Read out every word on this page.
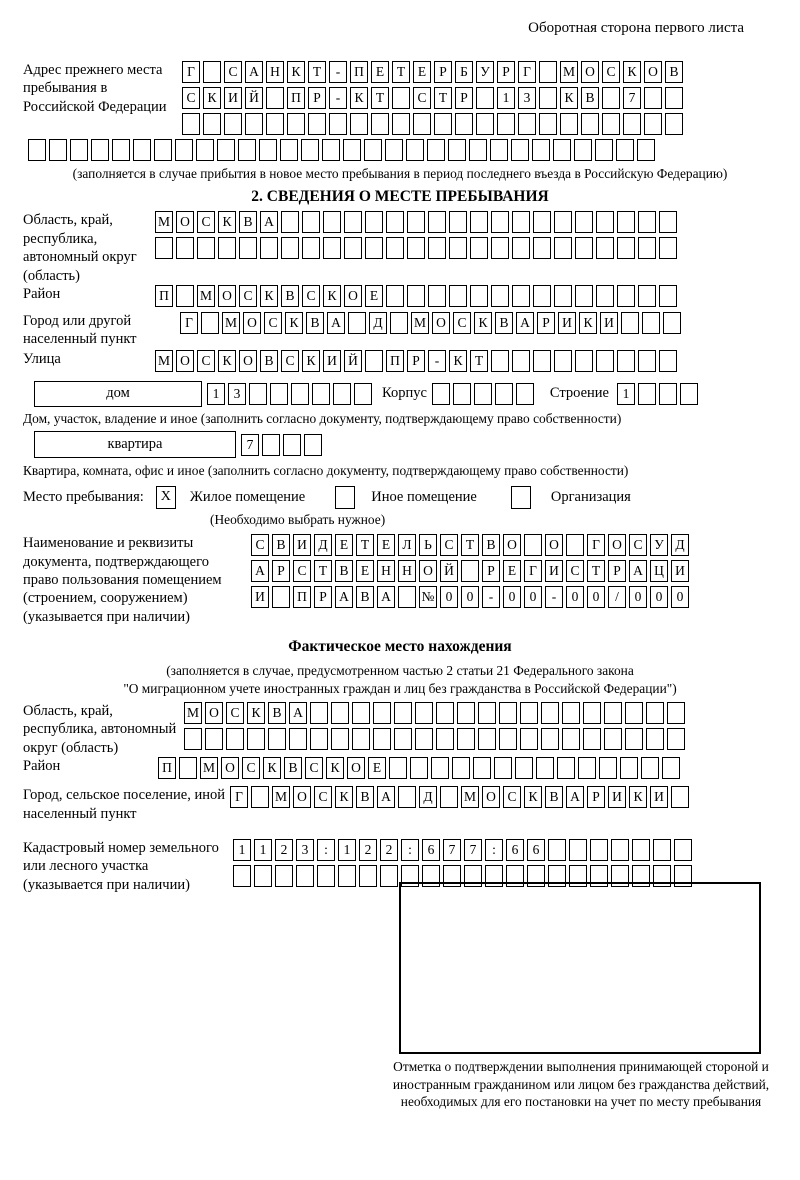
Оборотная сторона первого листа
Адрес прежнего места пребывания в Российской Федерации
Г	С А Н К Т	-	П Е Т Е Р Б У Р Г	М О С К О В
С К И Й	П Р	-	К Т	С Т Р	1	3	К В	7
(заполняется в случае прибытия в новое место пребывания в период последнего въезда в Российскую Федерацию)
2. СВЕДЕНИЯ О МЕСТЕ ПРЕБЫВАНИЯ
Область, край, республика, автономный округ (область)
М О С К В А
Район	П	М О С К В С К О Е
Город или другой населенный пункт
Г	М О С К В А	Д	М О С К В А Р И К И
Улица	М О С К О В С К И Й	П Р	-	К Т
дом	1	3	Корпус	Строение	1
Дом, участок, владение и иное (заполнить согласно документу, подтверждающему право собственности)
квартира	7
Квартира, комната, офис и иное (заполнить согласно документу, подтверждающему право собственности)
Место пребывания:	X	Жилое помещение	Иное помещение	Организация
(Необходимо выбрать нужное)
Наименование и реквизиты документа, подтверждающего право пользования помещением (строением, сооружением) (указывается при наличии)
С В И Д Е Т Е Л Ь С Т В О	О	Г О С У Д
А Р С Т В Е Н Н О Й	Р Е Г И С Т Р А Ц И
И	П Р А В А	№ 0	0	-	0	0	-	0	0	/	0	0	0
Фактическое место нахождения
(заполняется в случае, предусмотренном частью 2 статьи 21 Федерального закона
"О миграционном учете иностранных граждан и лиц без гражданства в Российской Федерации")
Область, край, республика, автономный округ (область)
М О С К В А
Район	П	М О С К В С К О Е
Город, сельское поселение, иной населенный пункт
Г	М О С К В А	Д	М О С К В А Р И К И
Кадастровый номер земельного или лесного участка (указывается при наличии)
1	1	2	3	:	1	2	2	:	6	7	7	:	6	6
Отметка о подтверждении выполнения принимающей стороной и иностранным гражданином или лицом без гражданства действий, необходимых для его постановки на учет по месту пребывания
